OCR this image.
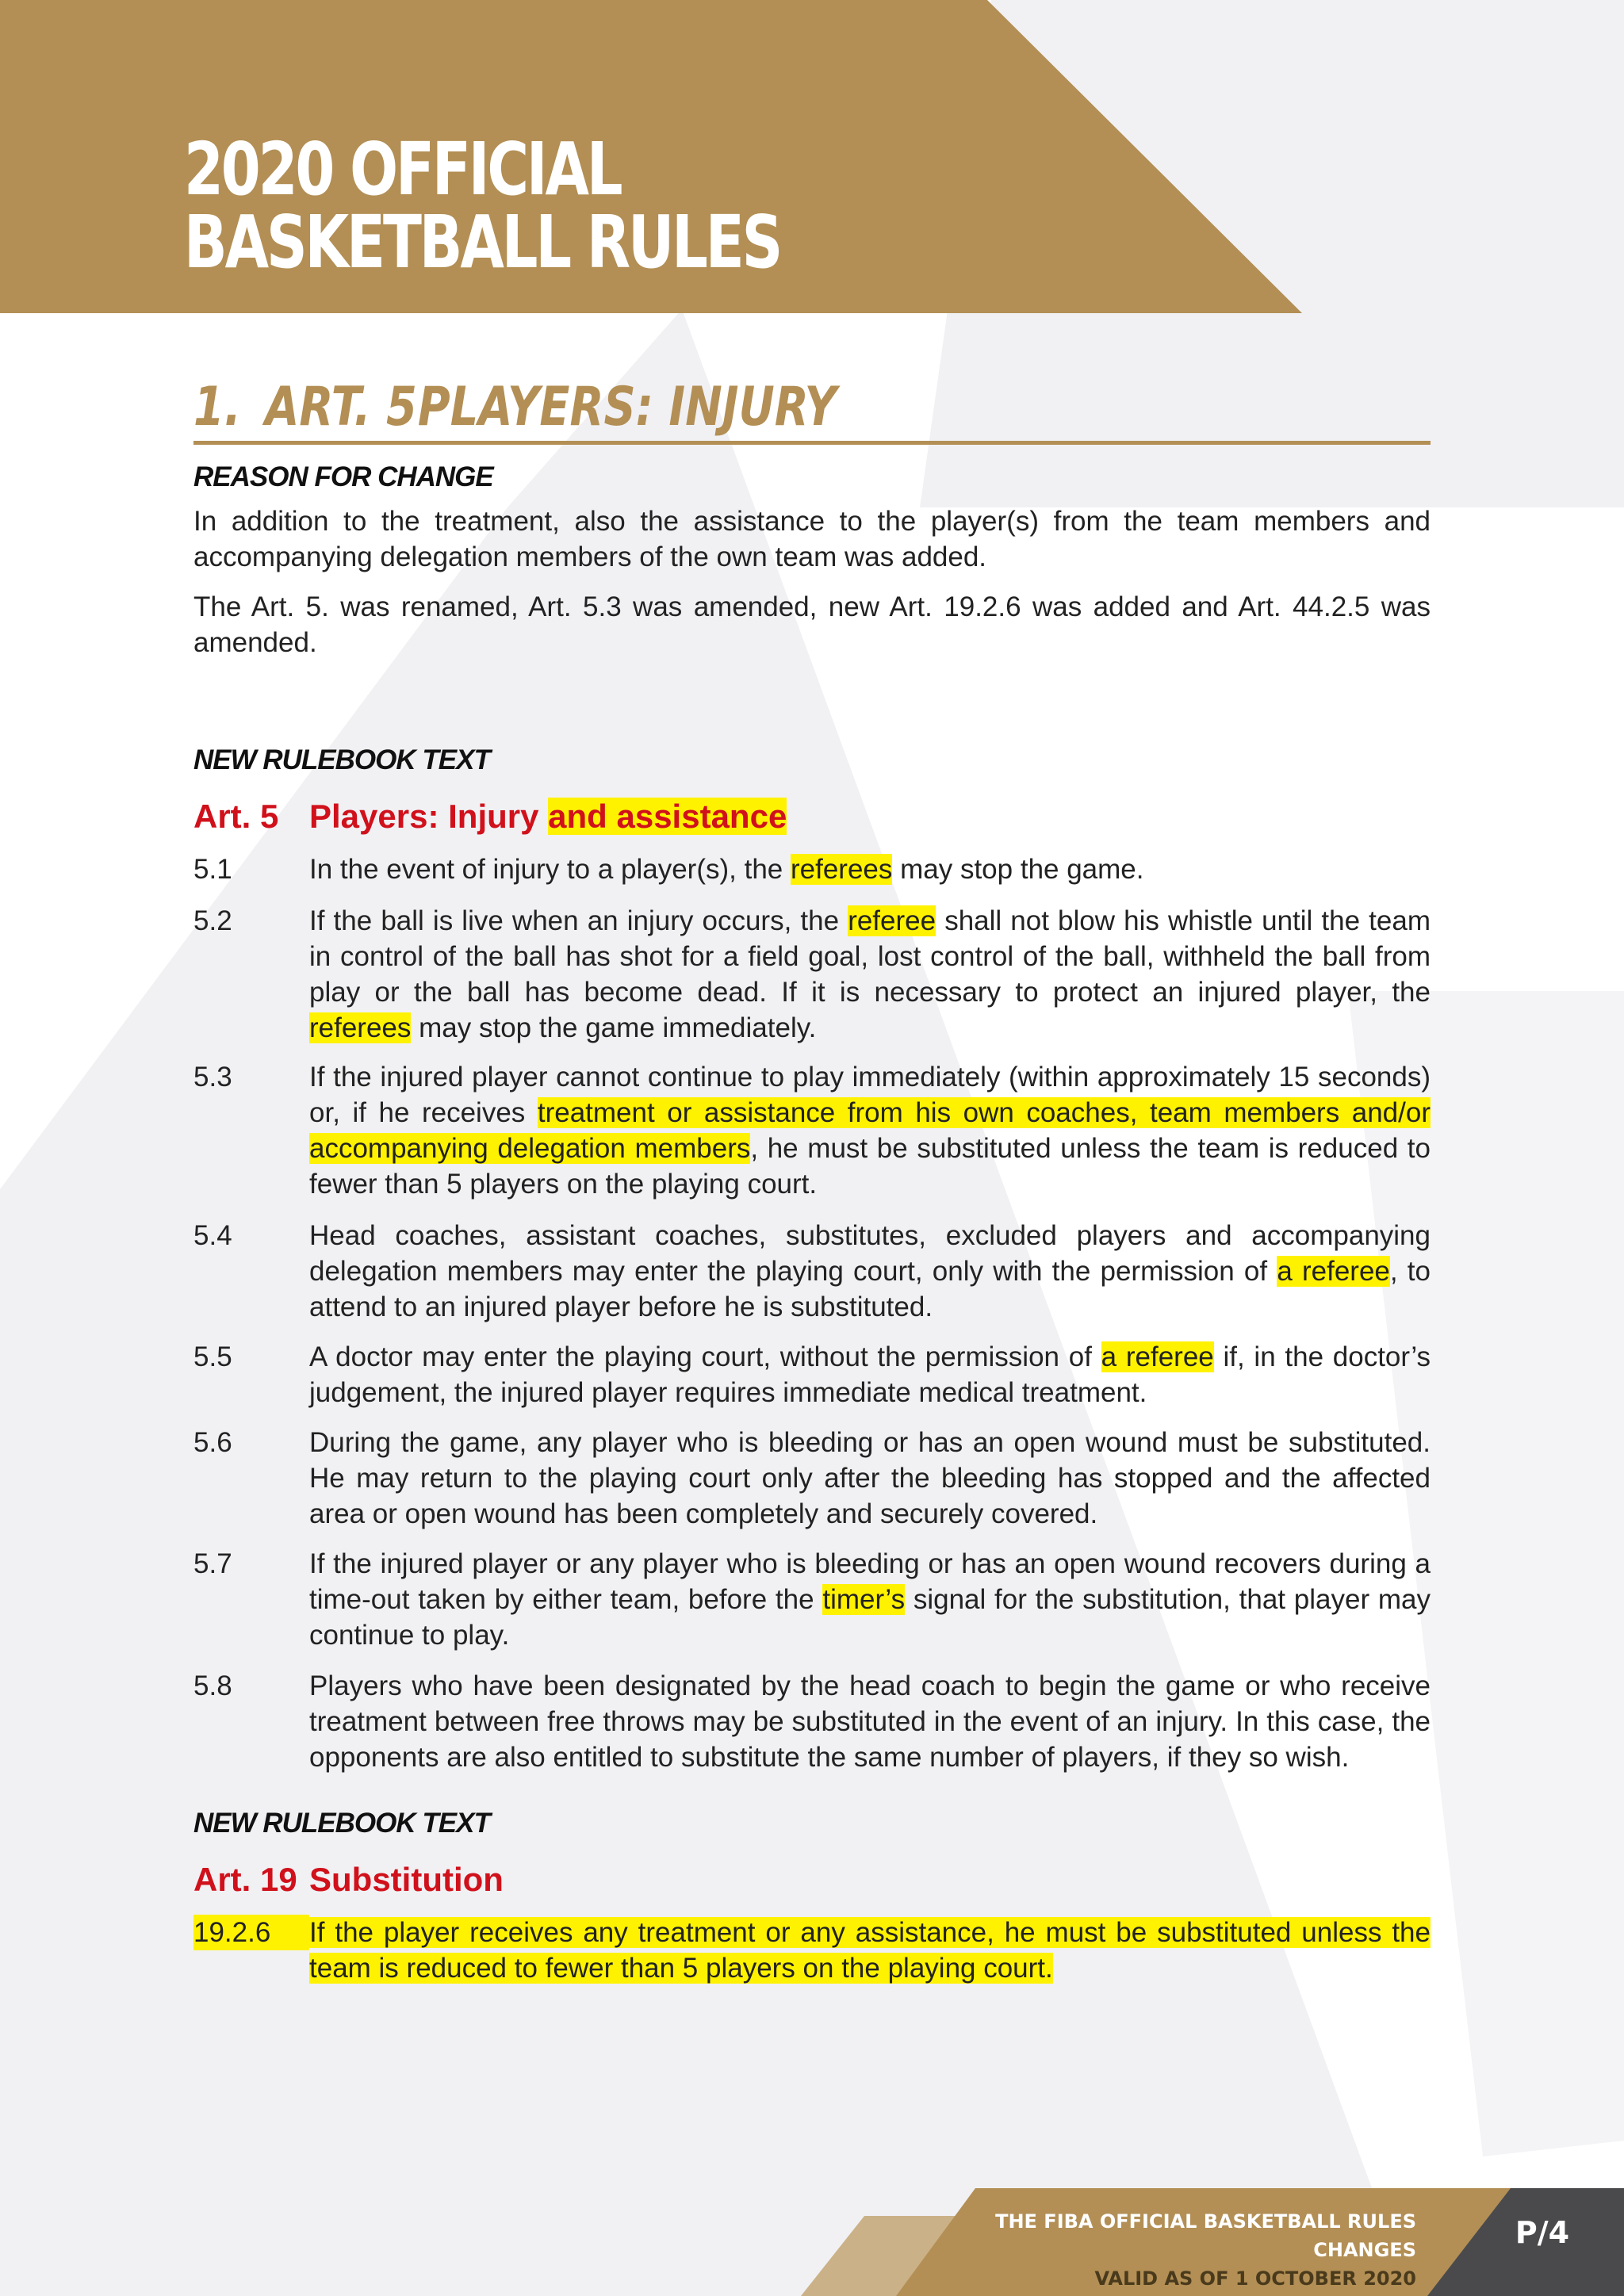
2020 OFFICIAL
BASKETBALL RULES
1. ART. 5PLAYERS: INJURY
REASON FOR CHANGE
In addition to the treatment, also the assistance to the player(s) from the team members and accompanying delegation members of the own team was added.
The Art. 5. was renamed, Art. 5.3 was amended, new Art. 19.2.6 was added and Art. 44.2.5 was amended.
NEW RULEBOOK TEXT
Art. 5 Players: Injury and assistance
5.1	In the event of injury to a player(s), the referees may stop the game.
5.2	If the ball is live when an injury occurs, the referee shall not blow his whistle until the team in control of the ball has shot for a field goal, lost control of the ball, withheld the ball from play or the ball has become dead. If it is necessary to protect an injured player, the referees may stop the game immediately.
5.3	If the injured player cannot continue to play immediately (within approximately 15 seconds) or, if he receives treatment or assistance from his own coaches, team members and/or accompanying delegation members, he must be substituted unless the team is reduced to fewer than 5 players on the playing court.
5.4	Head coaches, assistant coaches, substitutes, excluded players and accompanying delegation members may enter the playing court, only with the permission of a referee, to attend to an injured player before he is substituted.
5.5	A doctor may enter the playing court, without the permission of a referee if, in the doctor’s judgement, the injured player requires immediate medical treatment.
5.6	During the game, any player who is bleeding or has an open wound must be substituted. He may return to the playing court only after the bleeding has stopped and the affected area or open wound has been completely and securely covered.
5.7	If the injured player or any player who is bleeding or has an open wound recovers during a time-out taken by either team, before the timer’s signal for the substitution, that player may continue to play.
5.8	Players who have been designated by the head coach to begin the game or who receive treatment between free throws may be substituted in the event of an injury. In this case, the opponents are also entitled to substitute the same number of players, if they so wish.
NEW RULEBOOK TEXT
Art. 19 Substitution
19.2.6	If the player receives any treatment or any assistance, he must be substituted unless the team is reduced to fewer than 5 players on the playing court.
THE FIBA OFFICIAL BASKETBALL RULES CHANGES
VALID AS OF 1 OCTOBER 2020
P/4
